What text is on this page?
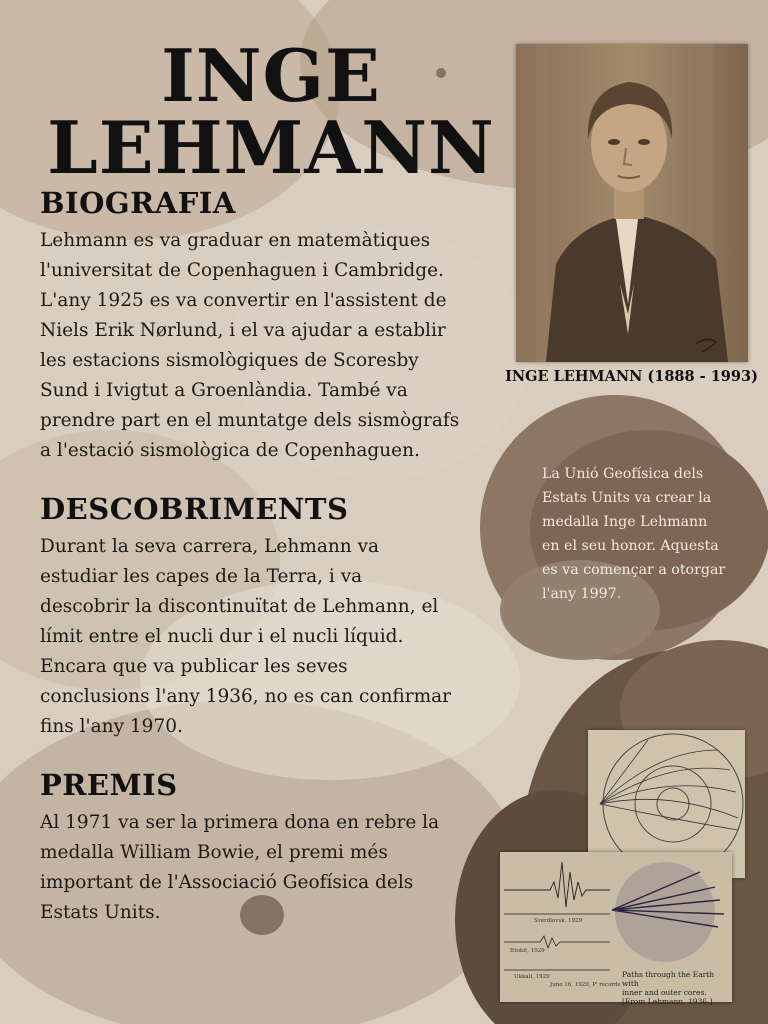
INGE
LEHMANN
BIOGRAFIA

Lehmann es va graduar en matemàtiques
l'universitat de Copenhaguen i Cambridge.
L'any 1925 es va convertir en l'assistent de
Niels Erik Nørlund, i el va ajudar a establir
les estacions sismològiques de Scoresby
Sund i Ivigtut a Groenlàndia. També va
prendre part en el muntatge dels sismògrafs
a l'estació sismològica de Copenhaguen.

DESCOBRIMENTS

Durant la seva carrera, Lehmann va
estudiar les capes de la Terra, i va
descobrir la discontinuïtat de Lehmann, el
límit entre el nucli dur i el nucli líquid.
Encara que va publicar les seves
conclusions l'any 1936, no es can confirmar
fins l'any 1970.

PREMIS

Al 1971 va ser la primera dona en rebre la
medalla William Bowie, el premi més
important de l'Associació Geofísica dels
Estats Units.

INGE LEHMANN (1888 - 1993)

La Unió Geofísica dels
Estats Units va crear la
medalla Inge Lehmann
en el seu honor. Aquesta
es va començar a otorgar
l'any 1997.

Sverdlovsk, 1929
Ittokit, 1929
Ukkali, 1929
June 16, 1929, P' records
Paths through the Earth with
inner and outer cores.
[From Lehmann, 1936.]
